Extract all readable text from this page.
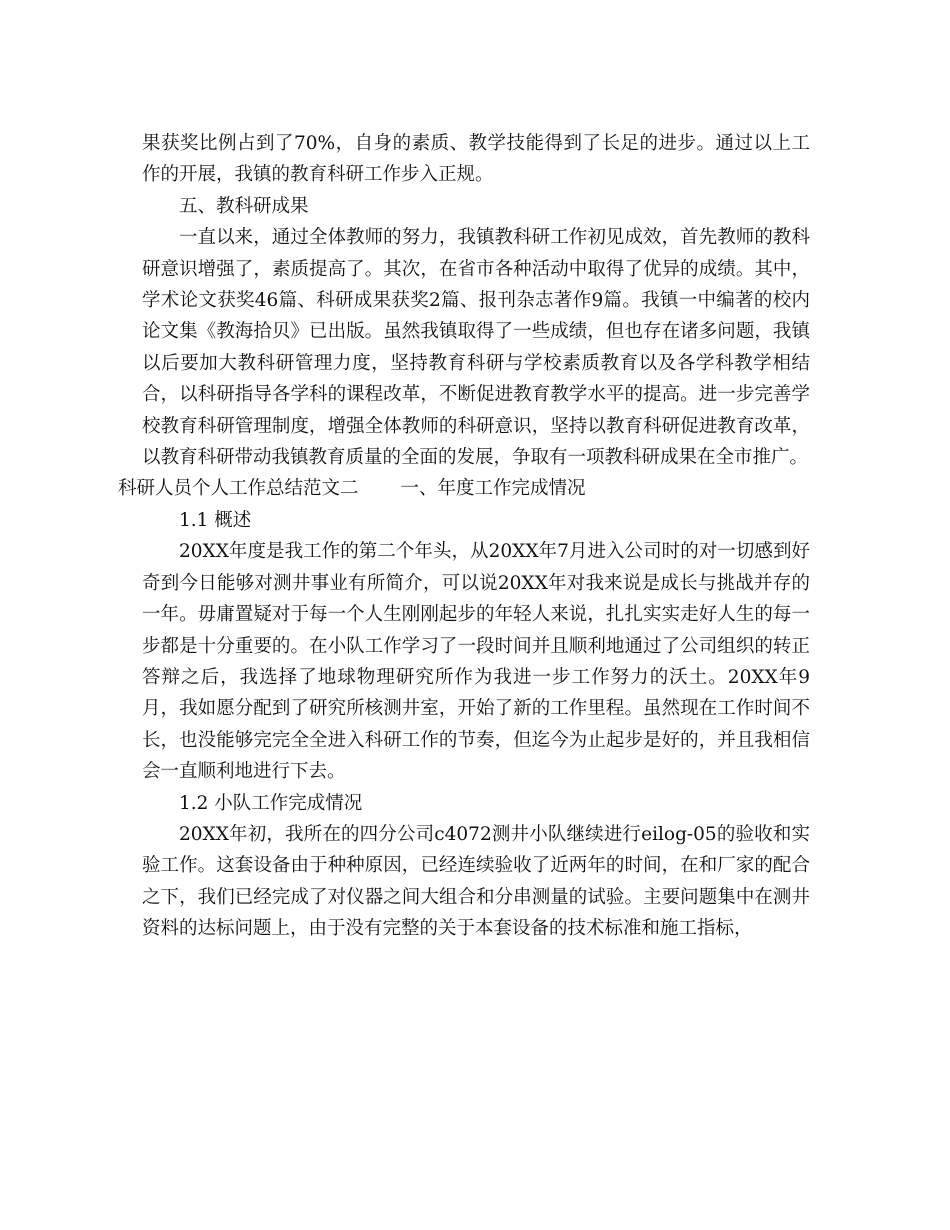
果获奖比例占到了70%，自身的素质、教学技能得到了长足的进步。通过以上工作的开展，我镇的教育科研工作步入正规。

五、教科研成果

一直以来，通过全体教师的努力，我镇教科研工作初见成效，首先教师的教科研意识增强了，素质提高了。其次，在省市各种活动中取得了优异的成绩。其中，学术论文获奖46篇、科研成果获奖2篇、报刊杂志著作9篇。我镇一中编著的校内论文集《教海拾贝》已出版。虽然我镇取得了一些成绩，但也存在诸多问题，我镇以后要加大教科研管理力度，坚持教育科研与学校素质教育以及各学科教学相结合，以科研指导各学科的课程改革，不断促进教育教学水平的提高。进一步完善学校教育科研管理制度，增强全体教师的科研意识，坚持以教育科研促进教育改革，以教育科研带动我镇教育质量的全面的发展，争取有一项教科研成果在全市推广。

科研人员个人工作总结范文二 一、年度工作完成情况

1.1 概述

20XX年度是我工作的第二个年头，从20XX年7月进入公司时的对一切感到好奇到今日能够对测井事业有所简介，可以说20XX年对我来说是成长与挑战并存的一年。毋庸置疑对于每一个人生刚刚起步的年轻人来说，扎扎实实走好人生的每一步都是十分重要的。在小队工作学习了一段时间并且顺利地通过了公司组织的转正答辩之后，我选择了地球物理研究所作为我进一步工作努力的沃土。20XX年9月，我如愿分配到了研究所核测井室，开始了新的工作里程。虽然现在工作时间不长，也没能够完完全全进入科研工作的节奏，但迄今为止起步是好的，并且我相信会一直顺利地进行下去。

1.2 小队工作完成情况

20XX年初，我所在的四分公司c4072测井小队继续进行eilog-05的验收和实验工作。这套设备由于种种原因，已经连续验收了近两年的时间，在和厂家的配合之下，我们已经完成了对仪器之间大组合和分串测量的试验。主要问题集中在测井资料的达标问题上，由于没有完整的关于本套设备的技术标准和施工指标，
